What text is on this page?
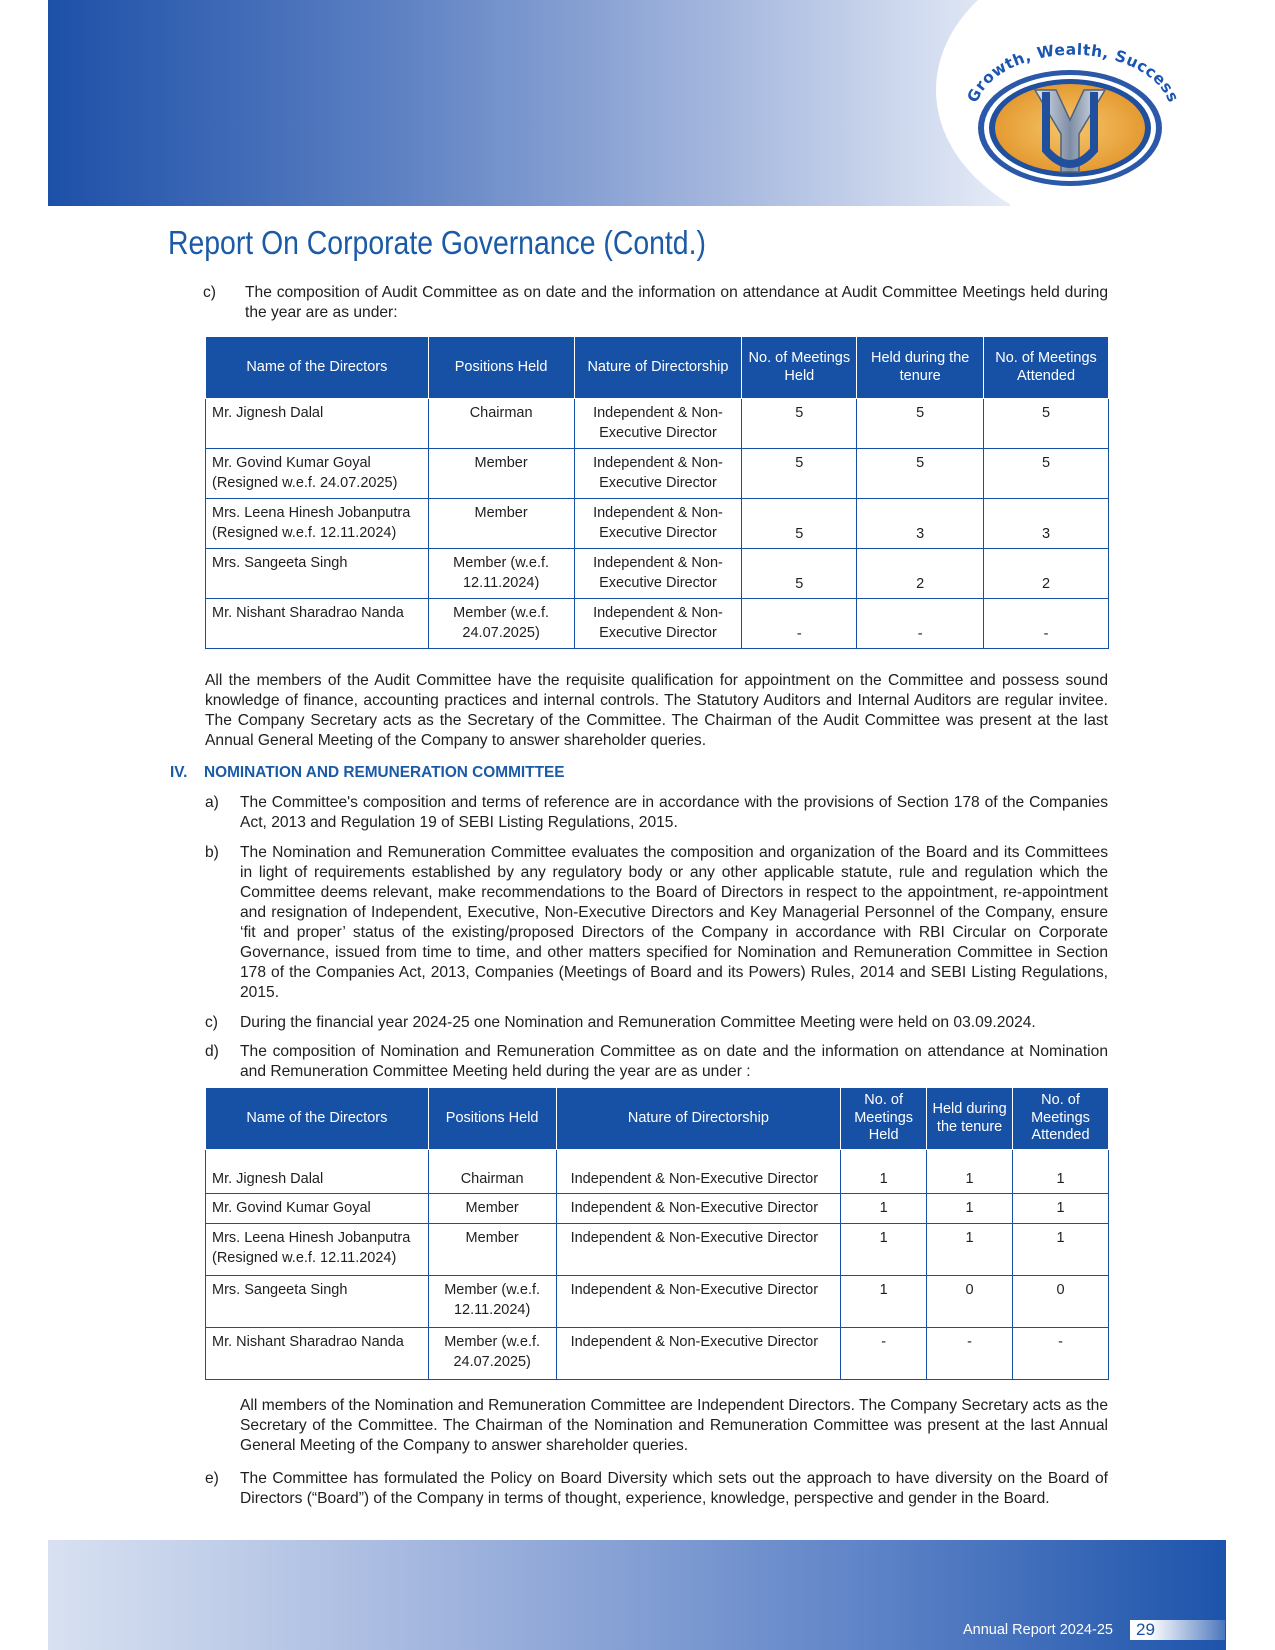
Growth, Wealth, Success
Report On Corporate Governance (Contd.)
c) The composition of Audit Committee as on date and the information on attendance at Audit Committee Meetings held during the year are as under:
Name of the Directors	Positions Held	Nature of Directorship	No. of Meetings Held	Held during the tenure	No. of Meetings Attended
Mr. Jignesh Dalal	Chairman	Independent & Non-Executive Director	5	5	5
Mr. Govind Kumar Goyal (Resigned w.e.f. 24.07.2025)	Member	Independent & Non-Executive Director	5	5	5
Mrs. Leena Hinesh Jobanputra (Resigned w.e.f. 12.11.2024)	Member	Independent & Non-Executive Director	5	3	3
Mrs. Sangeeta Singh	Member (w.e.f. 12.11.2024)	Independent & Non-Executive Director	5	2	2
Mr. Nishant Sharadrao Nanda	Member (w.e.f. 24.07.2025)	Independent & Non-Executive Director	-	-	-
All the members of the Audit Committee have the requisite qualification for appointment on the Committee and possess sound knowledge of finance, accounting practices and internal controls. The Statutory Auditors and Internal Auditors are regular invitee. The Company Secretary acts as the Secretary of the Committee. The Chairman of the Audit Committee was present at the last Annual General Meeting of the Company to answer shareholder queries.
IV. NOMINATION AND REMUNERATION COMMITTEE
a) The Committee's composition and terms of reference are in accordance with the provisions of Section 178 of the Companies Act, 2013 and Regulation 19 of SEBI Listing Regulations, 2015.
b) The Nomination and Remuneration Committee evaluates the composition and organization of the Board and its Committees in light of requirements established by any regulatory body or any other applicable statute, rule and regulation which the Committee deems relevant, make recommendations to the Board of Directors in respect to the appointment, re-appointment and resignation of Independent, Executive, Non-Executive Directors and Key Managerial Personnel of the Company, ensure ‘fit and proper’ status of the existing/proposed Directors of the Company in accordance with RBI Circular on Corporate Governance, issued from time to time, and other matters specified for Nomination and Remuneration Committee in Section 178 of the Companies Act, 2013, Companies (Meetings of Board and its Powers) Rules, 2014 and SEBI Listing Regulations, 2015.
c) During the financial year 2024-25 one Nomination and Remuneration Committee Meeting were held on 03.09.2024.
d) The composition of Nomination and Remuneration Committee as on date and the information on attendance at Nomination and Remuneration Committee Meeting held during the year are as under :
Name of the Directors	Positions Held	Nature of Directorship	No. of Meetings Held	Held during the tenure	No. of Meetings Attended
Mr. Jignesh Dalal	Chairman	Independent & Non-Executive Director	1	1	1
Mr. Govind Kumar Goyal	Member	Independent & Non-Executive Director	1	1	1
Mrs. Leena Hinesh Jobanputra (Resigned w.e.f. 12.11.2024)	Member	Independent & Non-Executive Director	1	1	1
Mrs. Sangeeta Singh	Member (w.e.f. 12.11.2024)	Independent & Non-Executive Director	1	0	0
Mr. Nishant Sharadrao Nanda	Member (w.e.f. 24.07.2025)	Independent & Non-Executive Director	-	-	-
All members of the Nomination and Remuneration Committee are Independent Directors. The Company Secretary acts as the Secretary of the Committee. The Chairman of the Nomination and Remuneration Committee was present at the last Annual General Meeting of the Company to answer shareholder queries.
e) The Committee has formulated the Policy on Board Diversity which sets out the approach to have diversity on the Board of Directors (“Board”) of the Company in terms of thought, experience, knowledge, perspective and gender in the Board.
Annual Report 2024-25 29
